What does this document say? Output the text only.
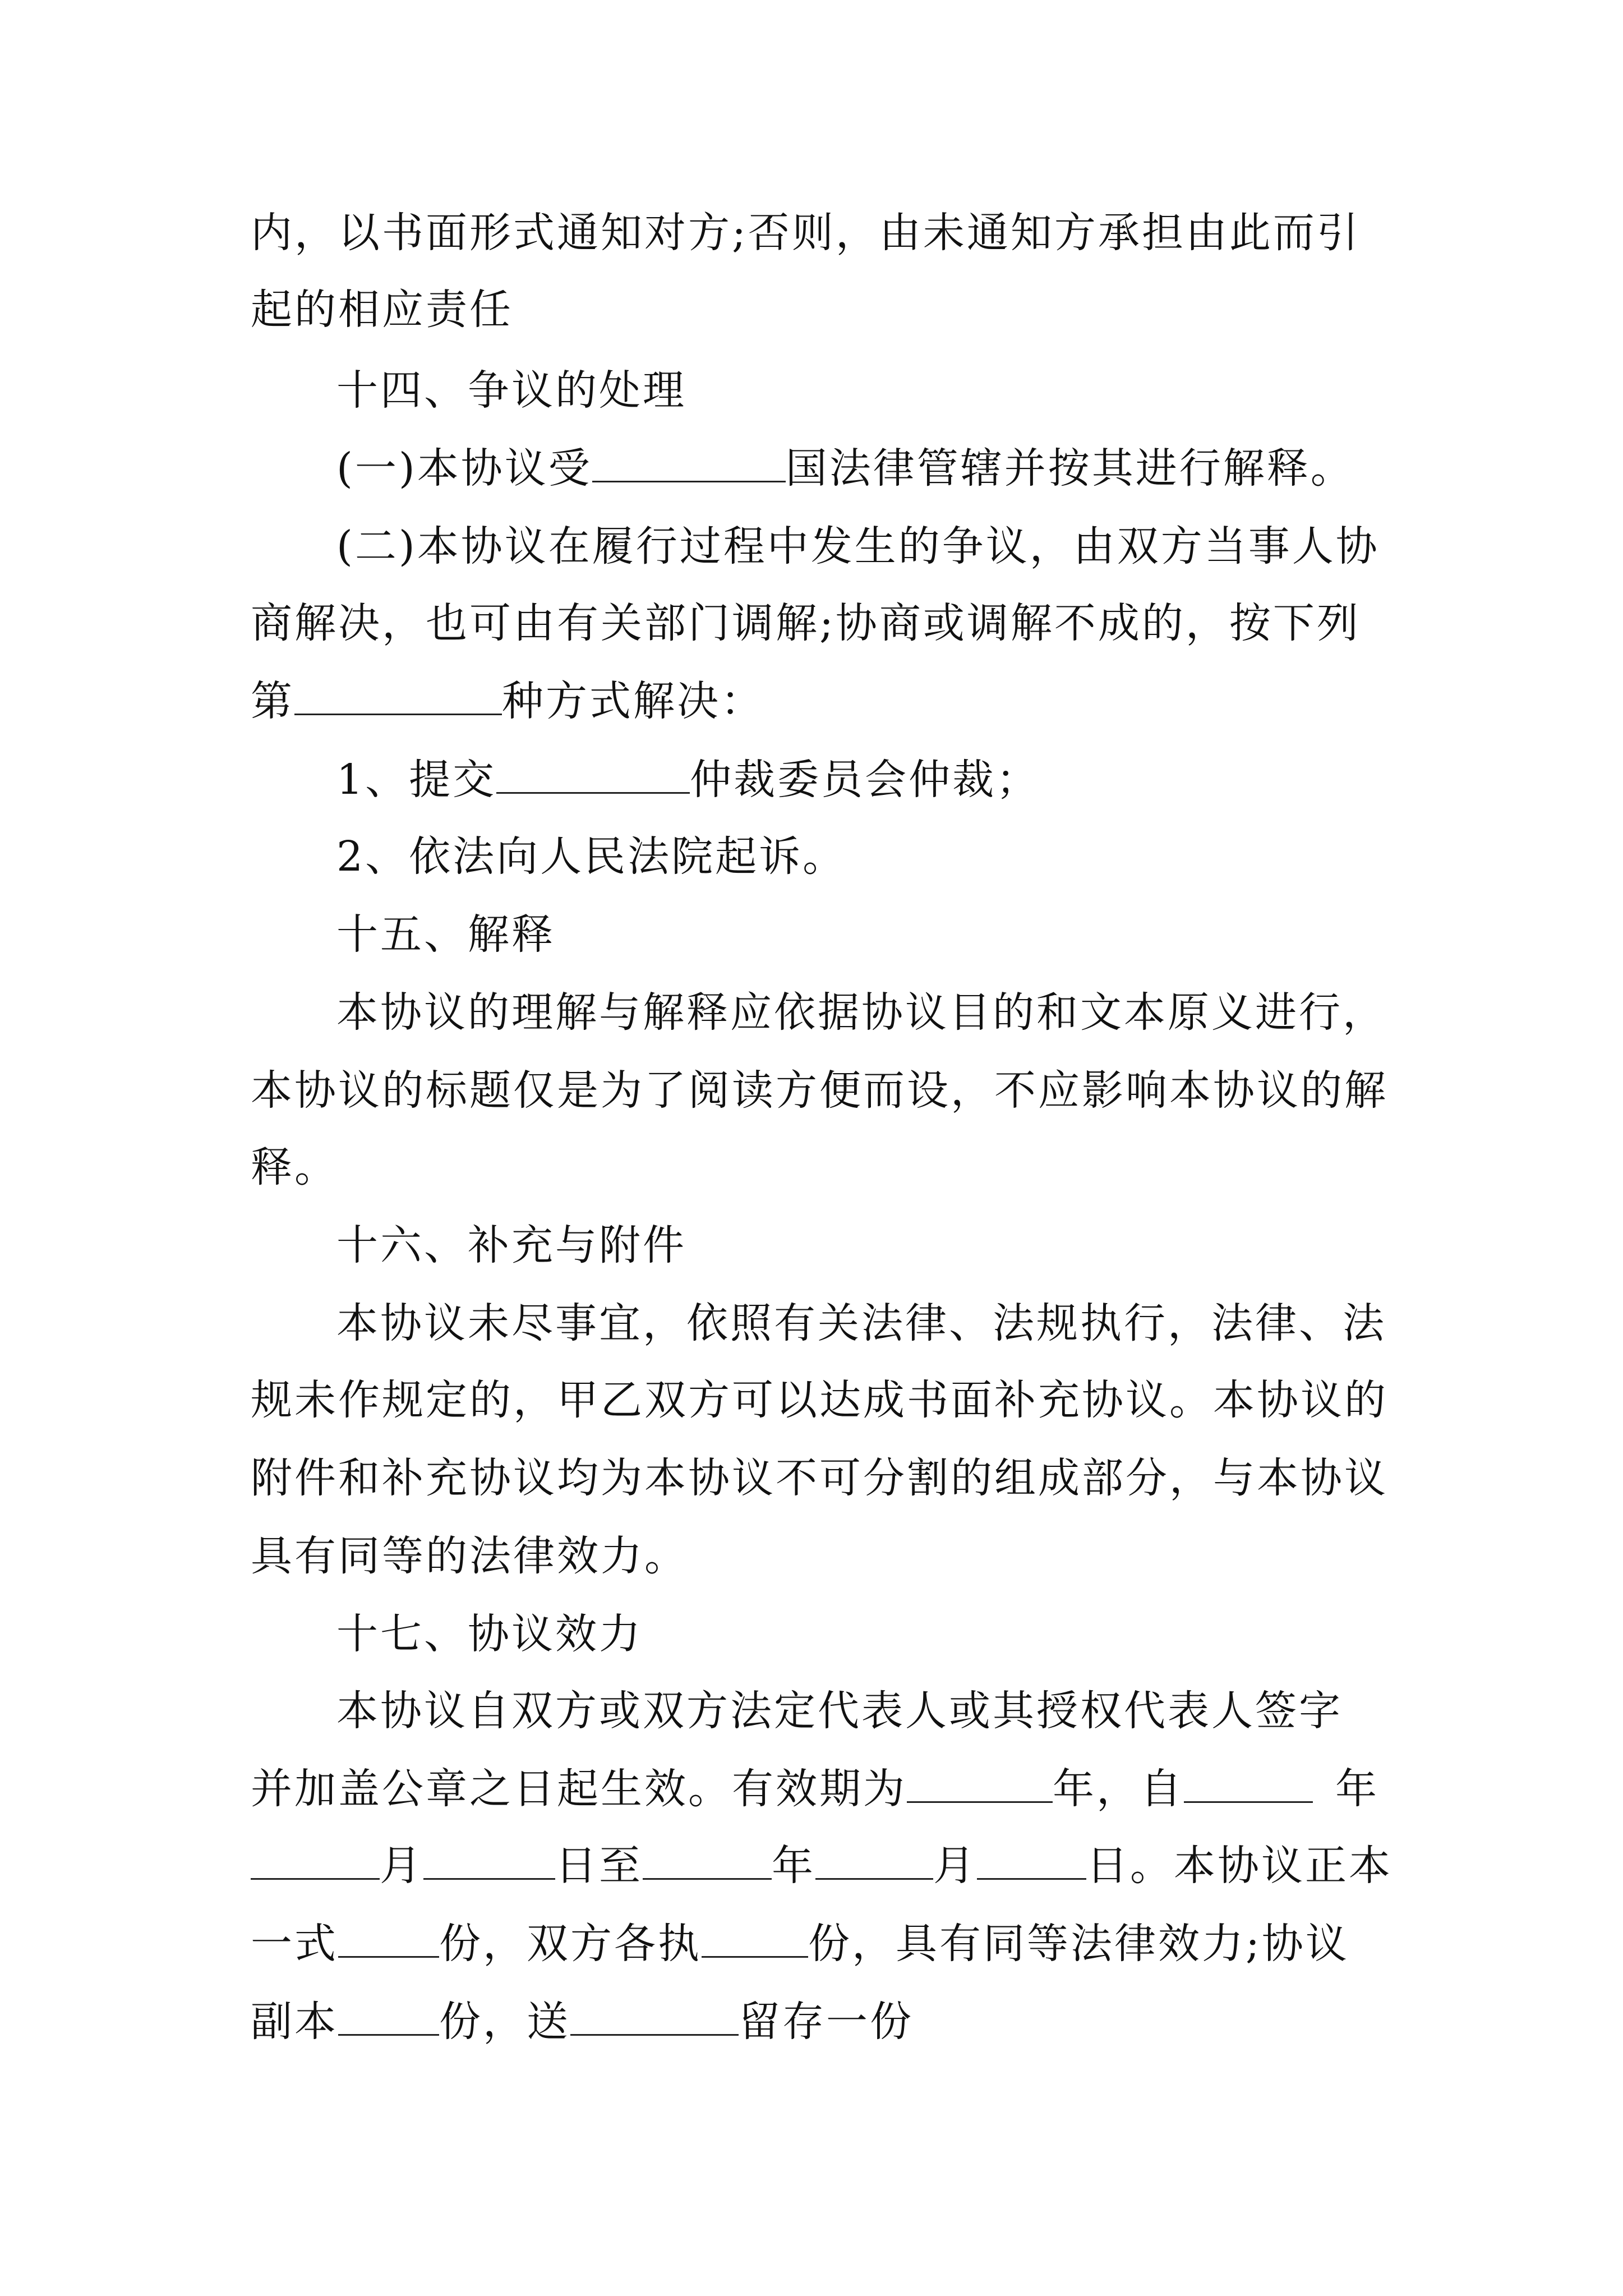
内，以书面形式通知对方;否则，由未通知方承担由此而引
起的相应责任
十四、争议的处理
(一)本协议受	国法律管辖并按其进行解释。
(二)本协议在履行过程中发生的争议，由双方当事人协
商解决，也可由有关部门调解;协商或调解不成的，按下列
第	种方式解决：
1、提交	仲裁委员会仲裁；
2、依法向人民法院起诉。
十五、解释
本协议的理解与解释应依据协议目的和文本原义进行，
本协议的标题仅是为了阅读方便而设，不应影响本协议的解
释。
十六、补充与附件
本协议未尽事宜，依照有关法律、法规执行，法律、法
规未作规定的，甲乙双方可以达成书面补充协议。本协议的
附件和补充协议均为本协议不可分割的组成部分，与本协议
具有同等的法律效力。
十七、协议效力
本协议自双方或双方法定代表人或其授权代表人签字
并加盖公章之日起生效。有效期为	年，自	年
月	日至	年	月	日。本协议正本
一式 份，双方各执	份，具有同等法律效力;协议
副本 份，送	留存一份
